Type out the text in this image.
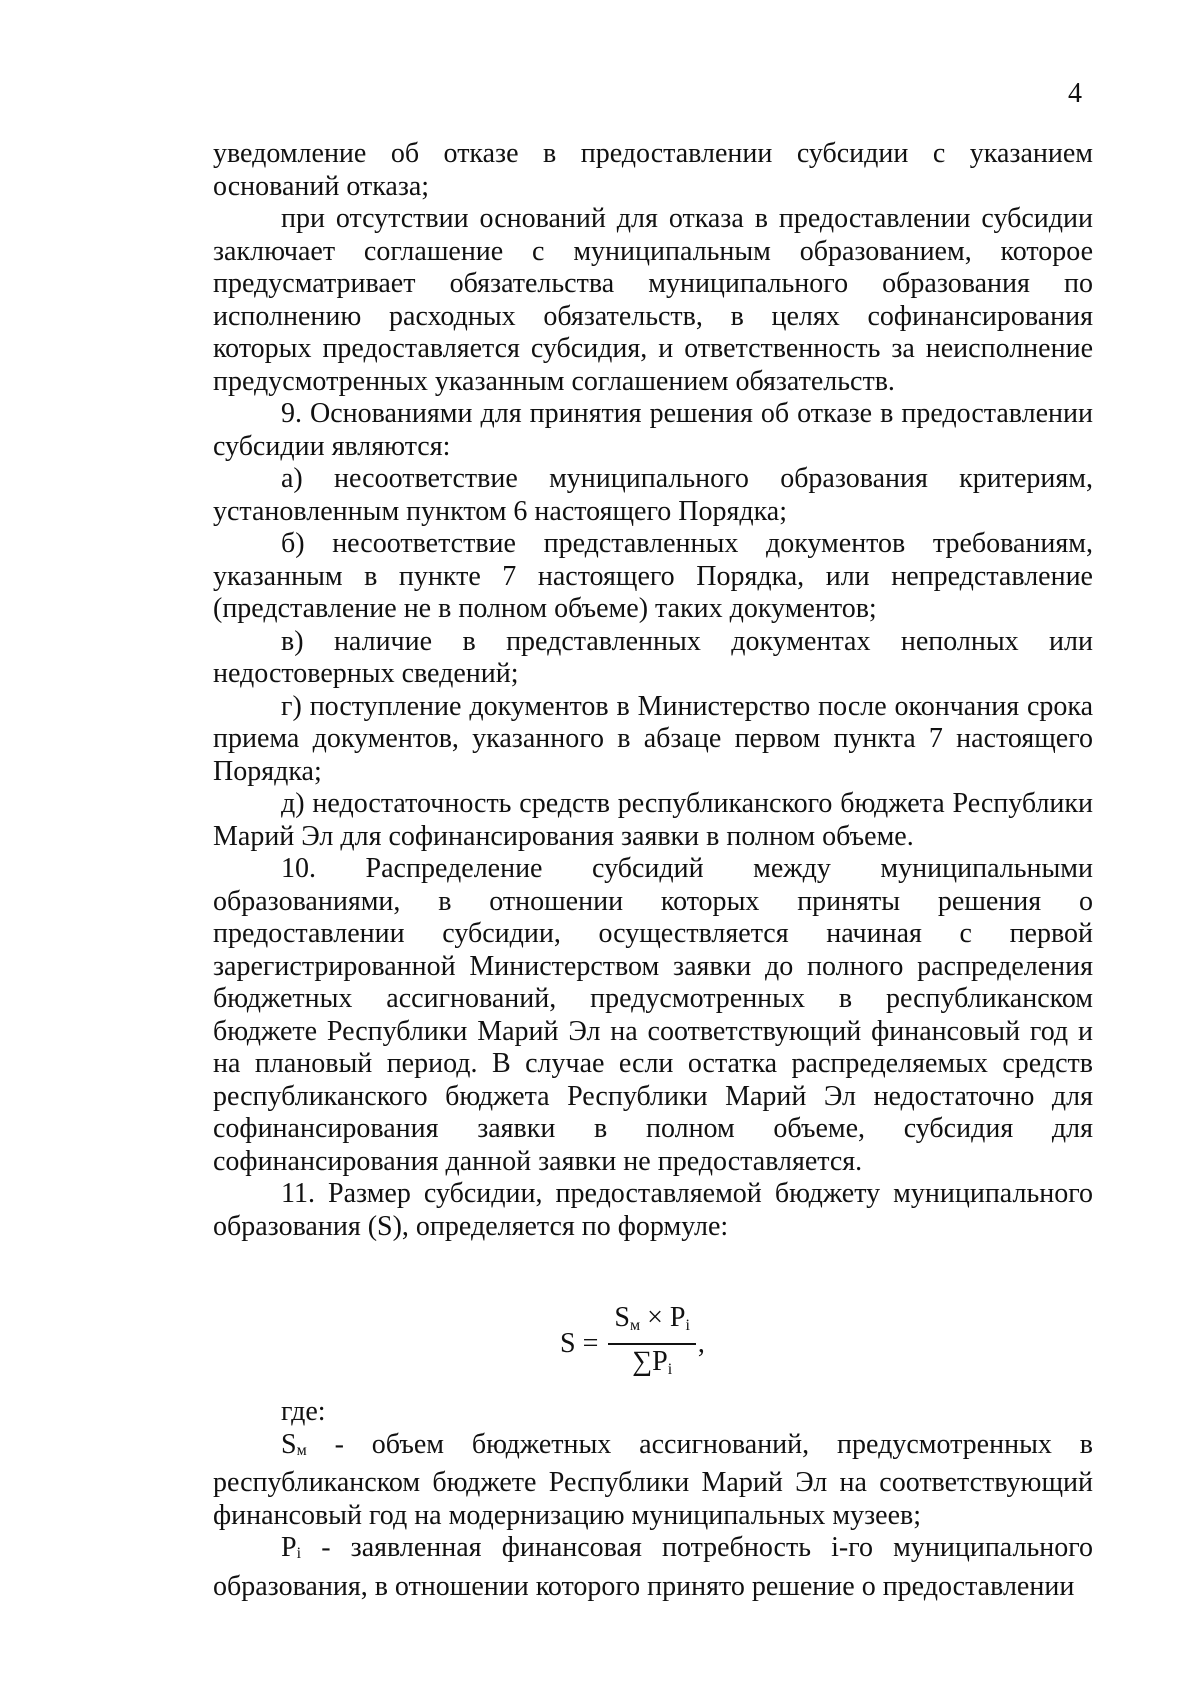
4

уведомление об отказе в предоставлении субсидии с указанием оснований отказа;

при отсутствии оснований для отказа в предоставлении субсидии заключает соглашение с муниципальным образованием, которое предусматривает обязательства муниципального образования по исполнению расходных обязательств, в целях софинансирования которых предоставляется субсидия, и ответственность за неисполнение предусмотренных указанным соглашением обязательств.

9. Основаниями для принятия решения об отказе в предоставлении субсидии являются:

а) несоответствие муниципального образования критериям, установленным пунктом 6 настоящего Порядка;

б) несоответствие представленных документов требованиям, указанным в пункте 7 настоящего Порядка, или непредставление (представление не в полном объеме) таких документов;

в) наличие в представленных документах неполных или недостоверных сведений;

г) поступление документов в Министерство после окончания срока приема документов, указанного в абзаце первом пункта 7 настоящего Порядка;

д) недостаточность средств республиканского бюджета Республики Марий Эл для софинансирования заявки в полном объеме.

10. Распределение субсидий между муниципальными образованиями, в отношении которых приняты решения о предоставлении субсидии, осуществляется начиная с первой зарегистрированной Министерством заявки до полного распределения бюджетных ассигнований, предусмотренных в республиканском бюджете Республики Марий Эл на соответствующий финансовый год и на плановый период. В случае если остатка распределяемых средств республиканского бюджета Республики Марий Эл недостаточно для софинансирования заявки в полном объеме, субсидия для софинансирования данной заявки не предоставляется.

11. Размер субсидии, предоставляемой бюджету муниципального образования (S), определяется по формуле:

$S = \frac{S_м \times P_i}{\sum P_i}$ ,

где:

Sм - объем бюджетных ассигнований, предусмотренных в республиканском бюджете Республики Марий Эл на соответствующий финансовый год на модернизацию муниципальных музеев;

Pi - заявленная финансовая потребность i-го муниципального образования, в отношении которого принято решение о предоставлении
